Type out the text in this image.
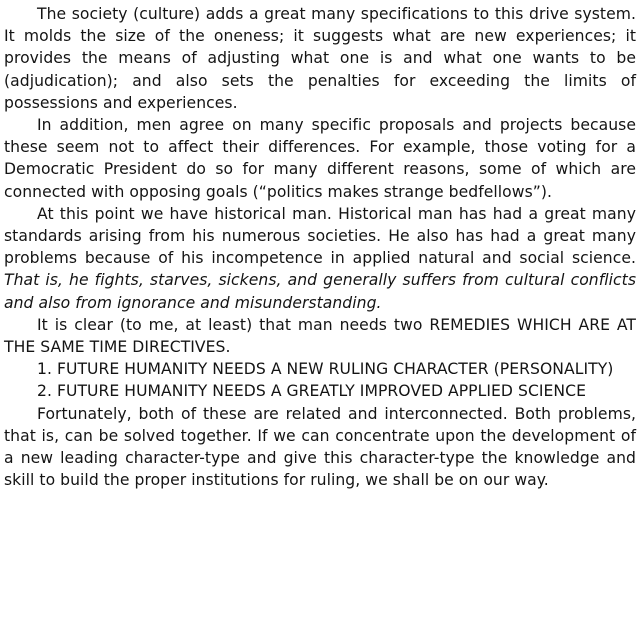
The society (culture) adds a great many specifications to this drive system. It molds the size of the oneness; it suggests what are new experiences; it provides the means of adjusting what one is and what one wants to be (adjudication); and also sets the penalties for exceeding the limits of possessions and experiences.

In addition, men agree on many specific proposals and projects because these seem not to affect their differences. For example, those voting for a Democratic President do so for many different reasons, some of which are connected with opposing goals (“politics makes strange bedfellows”).

At this point we have historical man. Historical man has had a great many standards arising from his numerous societies. He also has had a great many problems because of his incompetence in applied natural and social science. That is, he fights, starves, sickens, and generally suffers from cultural conflicts and also from ignorance and misunderstanding.

It is clear (to me, at least) that man needs two REMEDIES WHICH ARE AT THE SAME TIME DIRECTIVES.

1. FUTURE HUMANITY NEEDS A NEW RULING CHARACTER (PERSONALITY)

2. FUTURE HUMANITY NEEDS A GREATLY IMPROVED APPLIED SCIENCE

Fortunately, both of these are related and interconnected. Both problems, that is, can be solved together. If we can concentrate upon the development of a new leading character-type and give this character-type the knowledge and skill to build the proper institutions for ruling, we shall be on our way.
